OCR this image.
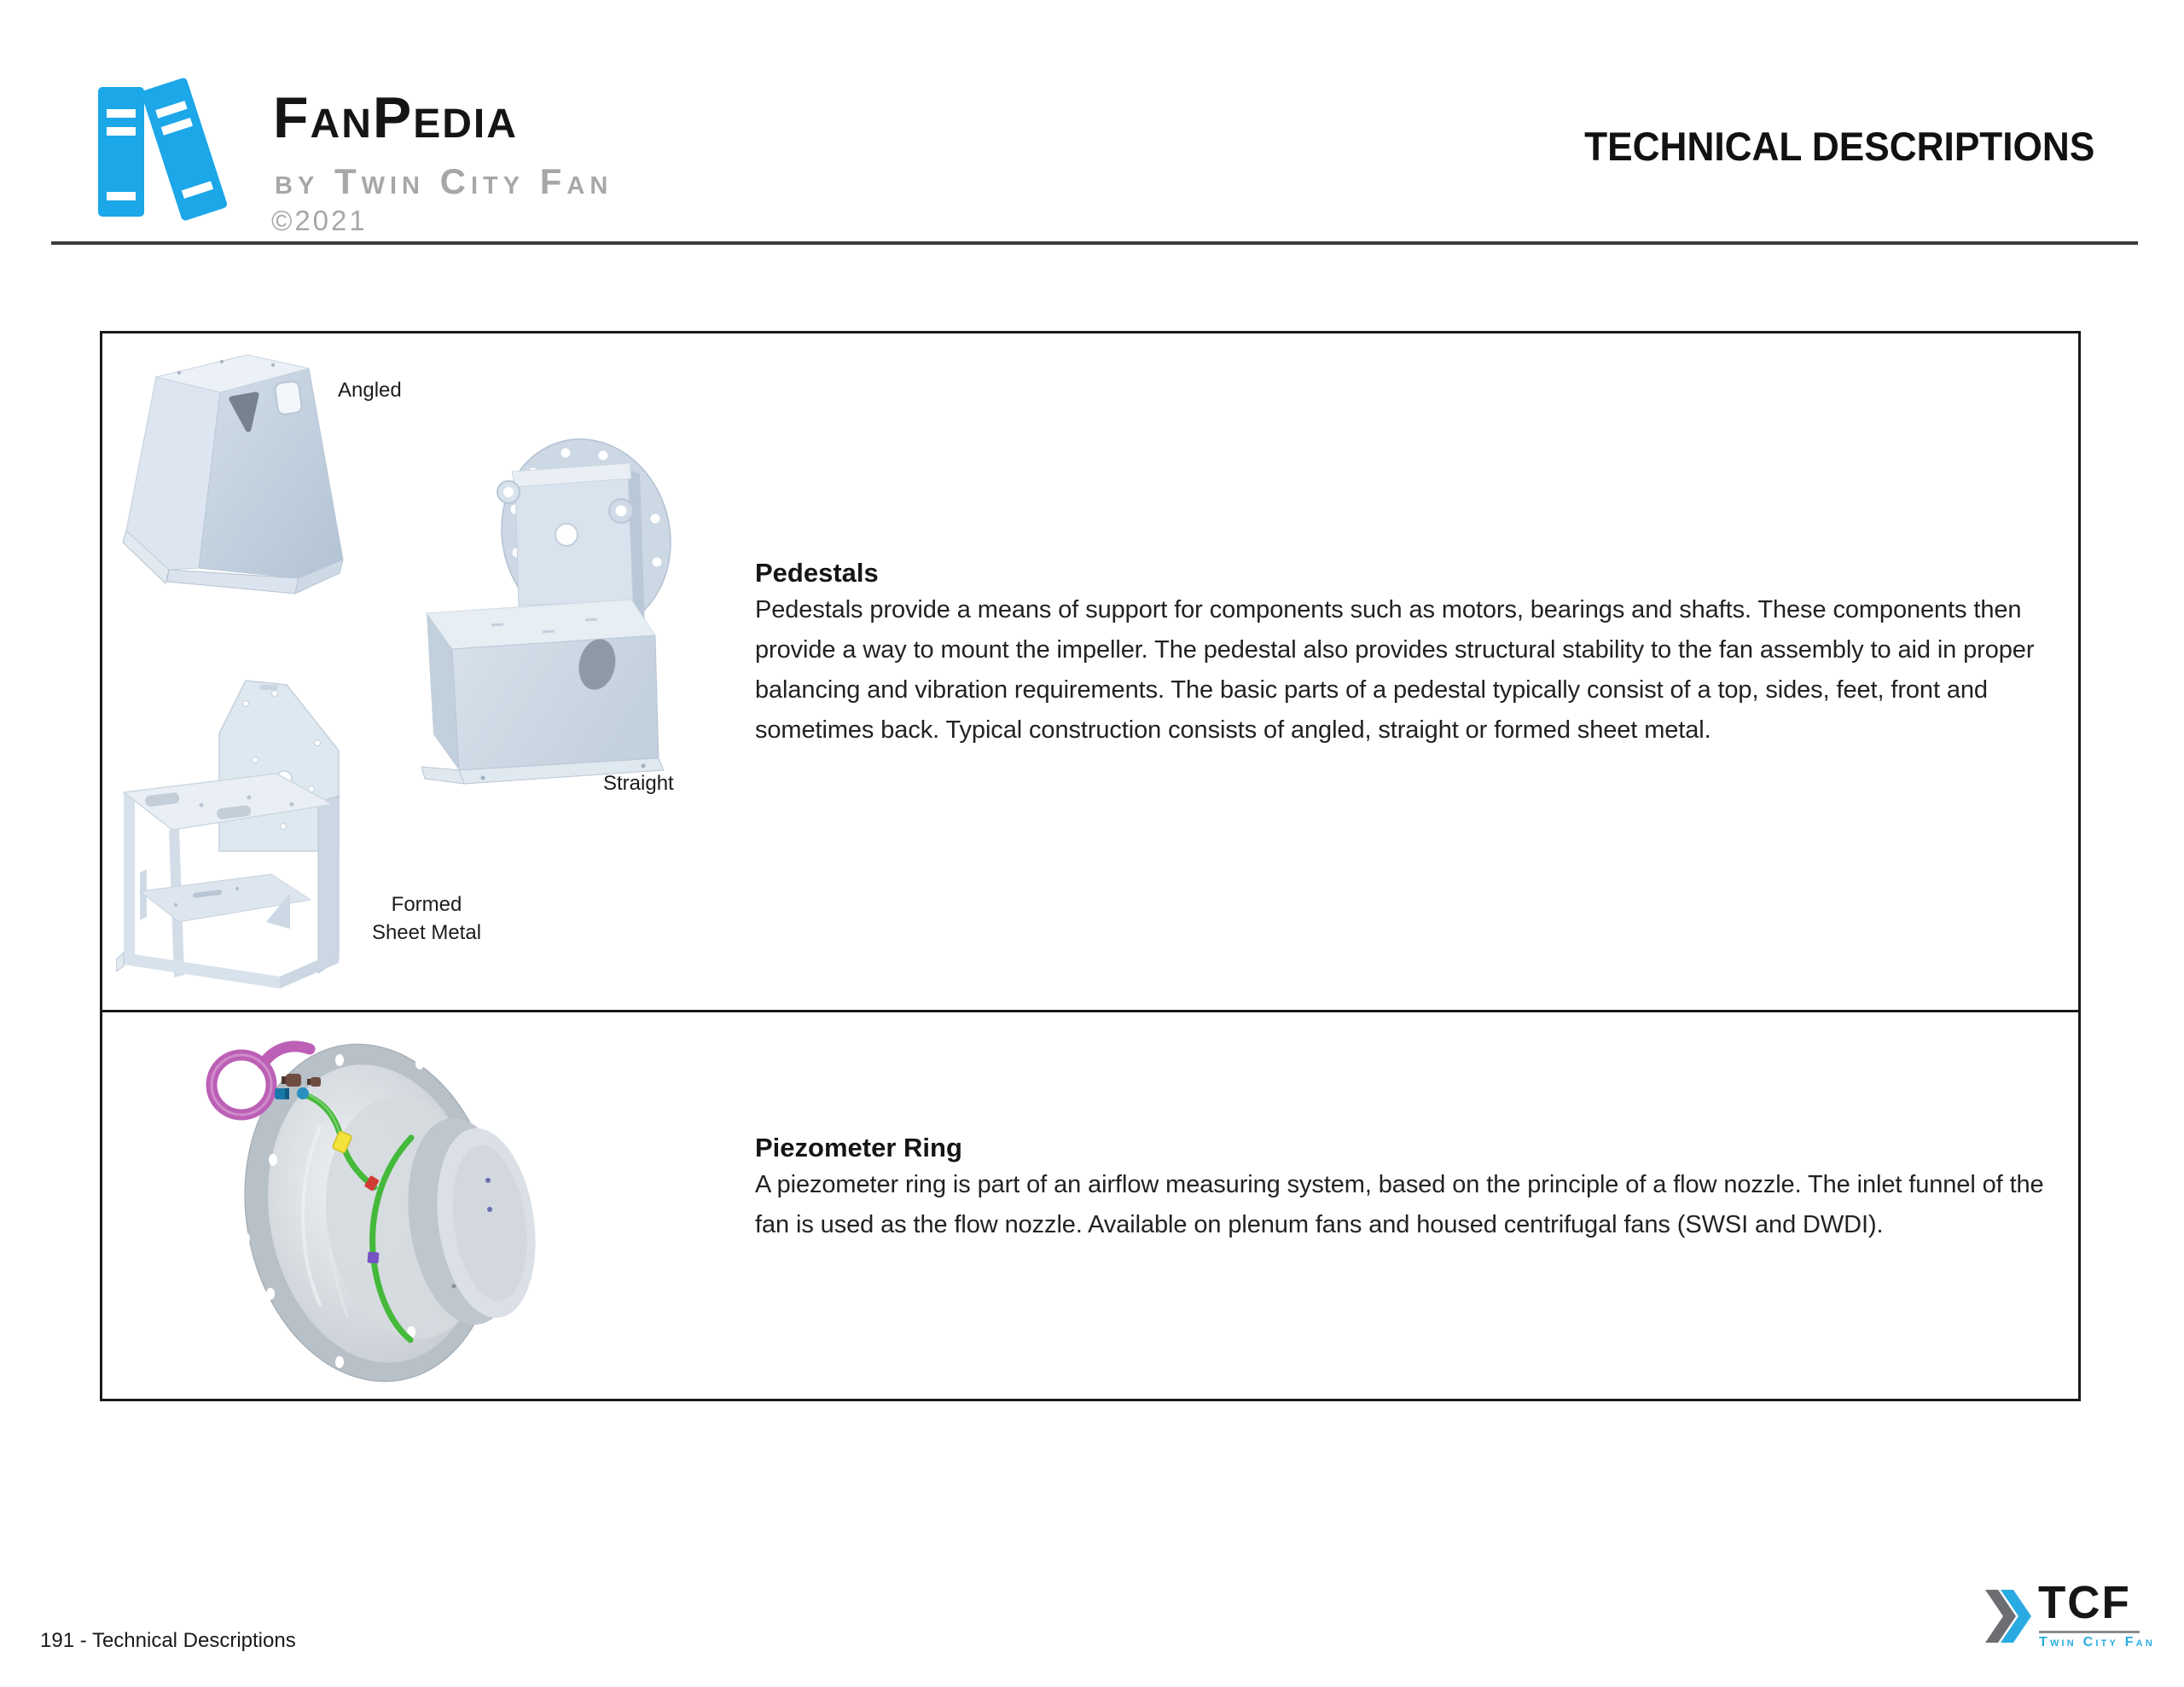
FanPedia
by Twin City Fan
©2021
TECHNICAL DESCRIPTIONS
Angled
Straight
Formed
Sheet Metal
Pedestals
Pedestals provide a means of support for components such as motors, bearings and shafts. These components then provide a way to mount the impeller. The pedestal also provides structural stability to the fan assembly to aid in proper balancing and vibration requirements. The basic parts of a pedestal typically consist of a top, sides, feet, front and sometimes back. Typical construction consists of angled, straight or formed sheet metal.
Piezometer Ring
A piezometer ring is part of an airflow measuring system, based on the principle of a flow nozzle. The inlet funnel of the fan is used as the flow nozzle. Available on plenum fans and housed centrifugal fans (SWSI and DWDI).
191 - Technical Descriptions
TCF
Twin City Fan
